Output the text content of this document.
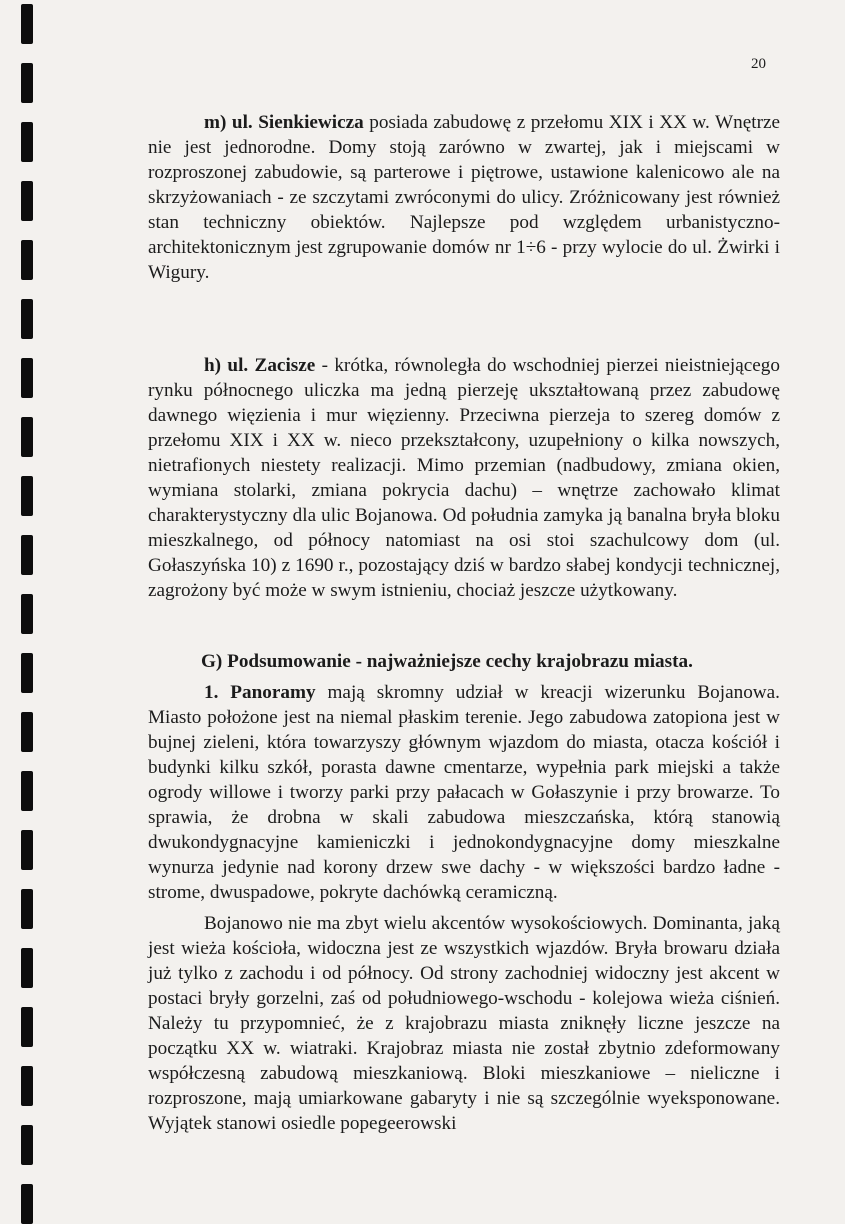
20

m) ul. Sienkiewicza posiada zabudowę z przełomu XIX i XX w. Wnętrze nie jest jednorodne. Domy stoją zarówno w zwartej, jak i miejscami w rozproszonej zabudowie, są parterowe i piętrowe, ustawione kalenicowo ale na skrzyżowaniach - ze szczytami zwróconymi do ulicy. Zróżnicowany jest również stan techniczny obiektów. Najlepsze pod względem urbanistyczno-architektonicznym jest zgrupowanie domów nr 1÷6 - przy wylocie do ul. Żwirki i Wigury.

h) ul. Zacisze - krótka, równoległa do wschodniej pierzei nieistniejącego rynku północnego uliczka ma jedną pierzeję ukształtowaną przez zabudowę dawnego więzienia i mur więzienny. Przeciwna pierzeja to szereg domów z przełomu XIX i XX w. nieco przekształcony, uzupełniony o kilka nowszych, nietrafionych niestety realizacji. Mimo przemian (nadbudowy, zmiana okien, wymiana stolarki, zmiana pokrycia dachu) – wnętrze zachowało klimat charakterystyczny dla ulic Bojanowa. Od południa zamyka ją banalna bryła bloku mieszkalnego, od północy natomiast na osi stoi szachulcowy dom (ul. Gołaszyńska 10) z 1690 r., pozostający dziś w bardzo słabej kondycji technicznej, zagrożony być może w swym istnieniu, chociaż jeszcze użytkowany.

G) Podsumowanie - najważniejsze cechy krajobrazu miasta.

1. Panoramy mają skromny udział w kreacji wizerunku Bojanowa. Miasto położone jest na niemal płaskim terenie. Jego zabudowa zatopiona jest w bujnej zieleni, która towarzyszy głównym wjazdom do miasta, otacza kościół i budynki kilku szkół, porasta dawne cmentarze, wypełnia park miejski a także ogrody willowe i tworzy parki przy pałacach w Gołaszynie i przy browarze. To sprawia, że drobna w skali zabudowa mieszczańska, którą stanowią dwukondygnacyjne kamieniczki i jednokondygnacyjne domy mieszkalne wynurza jedynie nad korony drzew swe dachy - w większości bardzo ładne - strome, dwuspadowe, pokryte dachówką ceramiczną.

Bojanowo nie ma zbyt wielu akcentów wysokościowych. Dominanta, jaką jest wieża kościoła, widoczna jest ze wszystkich wjazdów. Bryła browaru działa już tylko z zachodu i od północy. Od strony zachodniej widoczny jest akcent w postaci bryły gorzelni, zaś od południowego-wschodu - kolejowa wieża ciśnień. Należy tu przypomnieć, że z krajobrazu miasta zniknęły liczne jeszcze na początku XX w. wiatraki. Krajobraz miasta nie został zbytnio zdeformowany współczesną zabudową mieszkaniową. Bloki mieszkaniowe – nieliczne i rozproszone, mają umiarkowane gabaryty i nie są szczególnie wyeksponowane. Wyjątek stanowi osiedle popegeerowski
